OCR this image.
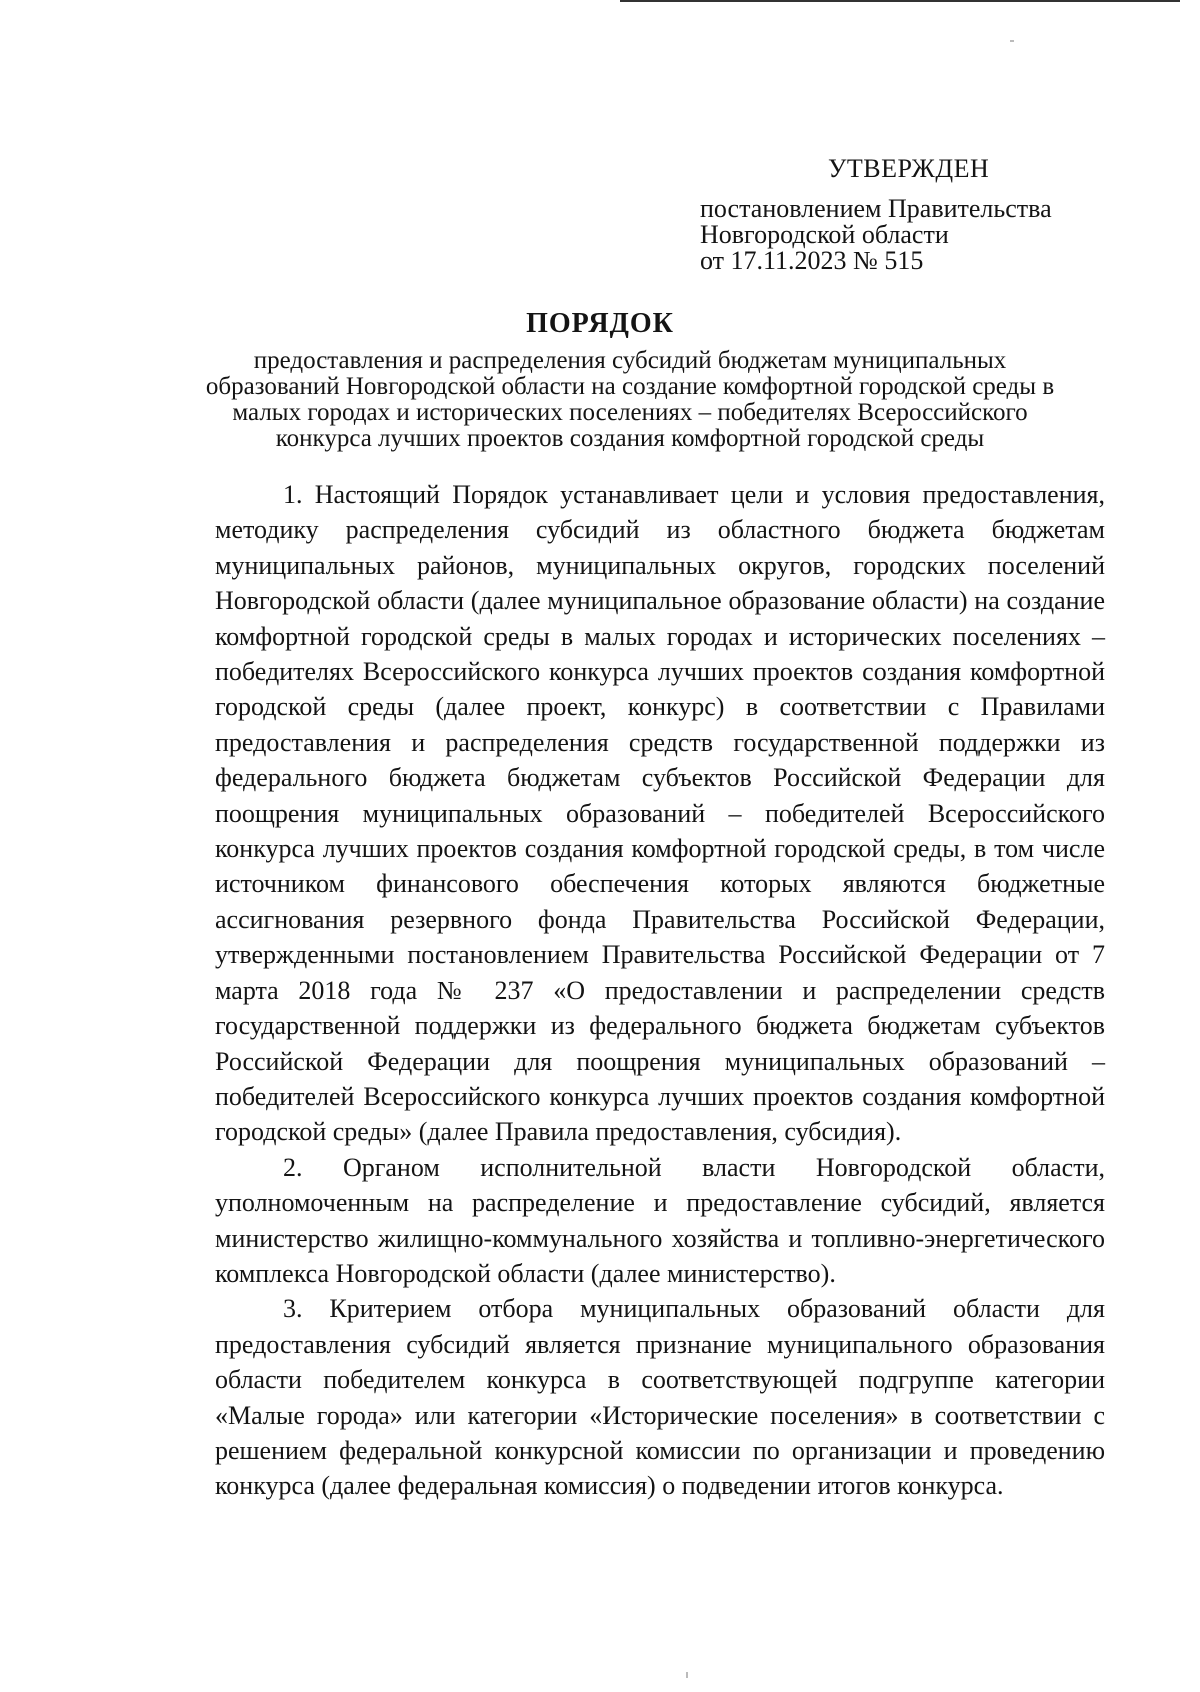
УТВЕРЖДЕН
постановлением Правительства
Новгородской области
от 17.11.2023 № 515
ПОРЯДОК
предоставления и распределения субсидий бюджетам муниципальных образований Новгородской области на создание комфортной городской среды в малых городах и исторических поселениях – победителях Всероссийского конкурса лучших проектов создания комфортной городской среды

1. Настоящий Порядок устанавливает цели и условия предоставления, методику распределения субсидий из областного бюджета бюджетам муниципальных районов, муниципальных округов, городских поселений Новгородской области (далее муниципальное образование области) на создание комфортной городской среды в малых городах и исторических поселениях – победителях Всероссийского конкурса лучших проектов создания комфортной городской среды (далее проект, конкурс) в соответствии с Правилами предоставления и распределения средств государственной поддержки из федерального бюджета бюджетам субъектов Российской Федерации для поощрения муниципальных образований – победителей Всероссийского конкурса лучших проектов создания комфортной городской среды, в том числе источником финансового обеспечения которых являются бюджетные ассигнования резервного фонда Правительства Российской Федерации, утвержденными постановлением Правительства Российской Федерации от 7 марта 2018 года № 237 «О предоставлении и распределении средств государственной поддержки из федерального бюджета бюджетам субъектов Российской Федерации для поощрения муниципальных образований – победителей Всероссийского конкурса лучших проектов создания комфортной городской среды» (далее Правила предоставления, субсидия).

2. Органом исполнительной власти Новгородской области, уполномоченным на распределение и предоставление субсидий, является министерство жилищно-коммунального хозяйства и топливно-энергетического комплекса Новгородской области (далее министерство).

3. Критерием отбора муниципальных образований области для предоставления субсидий является признание муниципального образования области победителем конкурса в соответствующей подгруппе категории «Малые города» или категории «Исторические поселения» в соответствии с решением федеральной конкурсной комиссии по организации и проведению конкурса (далее федеральная комиссия) о подведении итогов конкурса.
